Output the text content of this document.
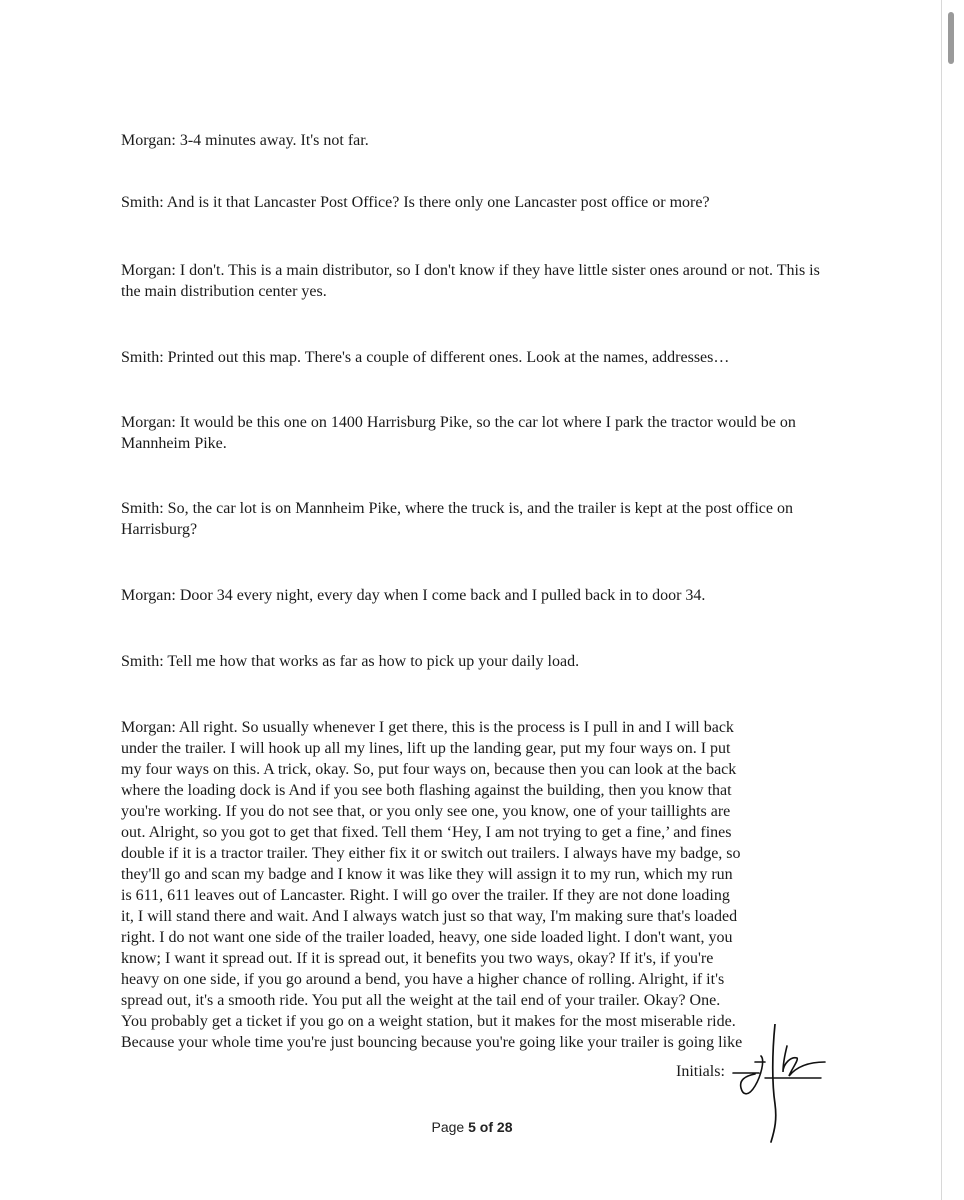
Morgan: 3-4 minutes away. It's not far.
Smith: And is it that Lancaster Post Office? Is there only one Lancaster post office or more?
Morgan: I don't. This is a main distributor, so I don't know if they have little sister ones around or not. This is the main distribution center yes.
Smith: Printed out this map. There's a couple of different ones. Look at the names, addresses…
Morgan: It would be this one on 1400 Harrisburg Pike, so the car lot where I park the tractor would be on Mannheim Pike.
Smith: So, the car lot is on Mannheim Pike, where the truck is, and the trailer is kept at the post office on Harrisburg?
Morgan: Door 34 every night, every day when I come back and I pulled back in to door 34.
Smith: Tell me how that works as far as how to pick up your daily load.
Morgan: All right. So usually whenever I get there, this is the process is I pull in and I will back
under the trailer. I will hook up all my lines, lift up the landing gear, put my four ways on. I put
my four ways on this. A trick, okay. So, put four ways on, because then you can look at the back
where the loading dock is And if you see both flashing against the building, then you know that
you're working. If you do not see that, or you only see one, you know, one of your taillights are
out. Alright, so you got to get that fixed. Tell them ‘Hey, I am not trying to get a fine,’ and fines
double if it is a tractor trailer. They either fix it or switch out trailers. I always have my badge, so
they'll go and scan my badge and I know it was like they will assign it to my run, which my run
is 611, 611 leaves out of Lancaster. Right. I will go over the trailer. If they are not done loading
it, I will stand there and wait. And I always watch just so that way, I'm making sure that's loaded
right. I do not want one side of the trailer loaded, heavy, one side loaded light. I don't want, you
know; I want it spread out. If it is spread out, it benefits you two ways, okay? If it's, if you're
heavy on one side, if you go around a bend, you have a higher chance of rolling. Alright, if it's
spread out, it's a smooth ride. You put all the weight at the tail end of your trailer. Okay? One.
You probably get a ticket if you go on a weight station, but it makes for the most miserable ride.
Because your whole time you're just bouncing because you're going like your trailer is going like
Initials:
Page 5 of 28
